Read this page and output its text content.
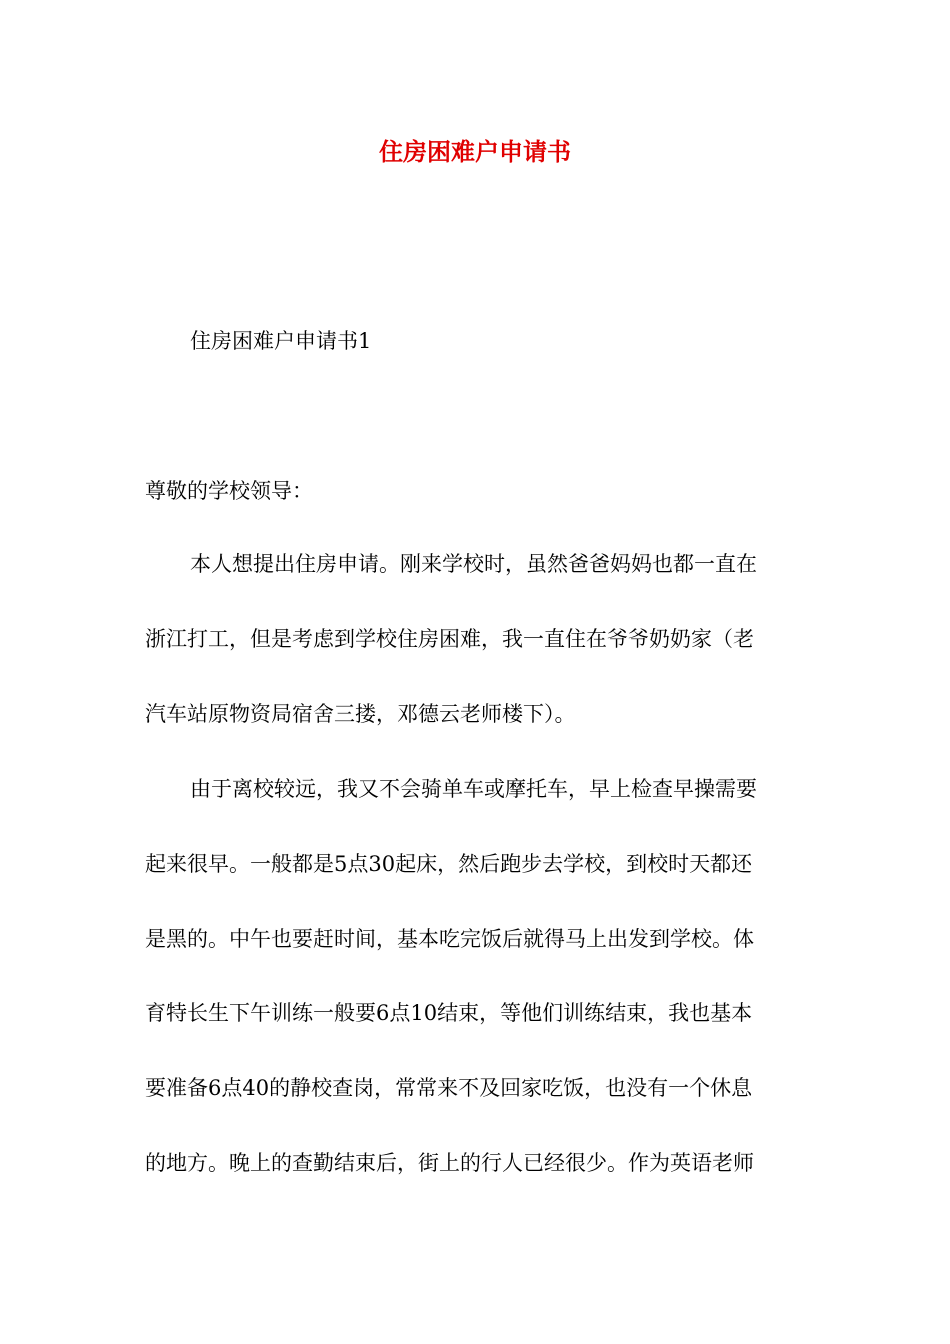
住房困难户申请书

住房困难户申请书1

尊敬的学校领导：

本人想提出住房申请。刚来学校时，虽然爸爸妈妈也都一直在

浙江打工，但是考虑到学校住房困难，我一直住在爷爷奶奶家（老

汽车站原物资局宿舍三搂，邓德云老师楼下）。

由于离校较远，我又不会骑单车或摩托车，早上检查早操需要

起来很早。一般都是5点30起床，然后跑步去学校，到校时天都还

是黑的。中午也要赶时间，基本吃完饭后就得马上出发到学校。体

育特长生下午训练一般要6点10结束，等他们训练结束，我也基本

要准备6点40的静校查岗，常常来不及回家吃饭，也没有一个休息

的地方。晚上的查勤结束后，街上的行人已经很少。作为英语老师
